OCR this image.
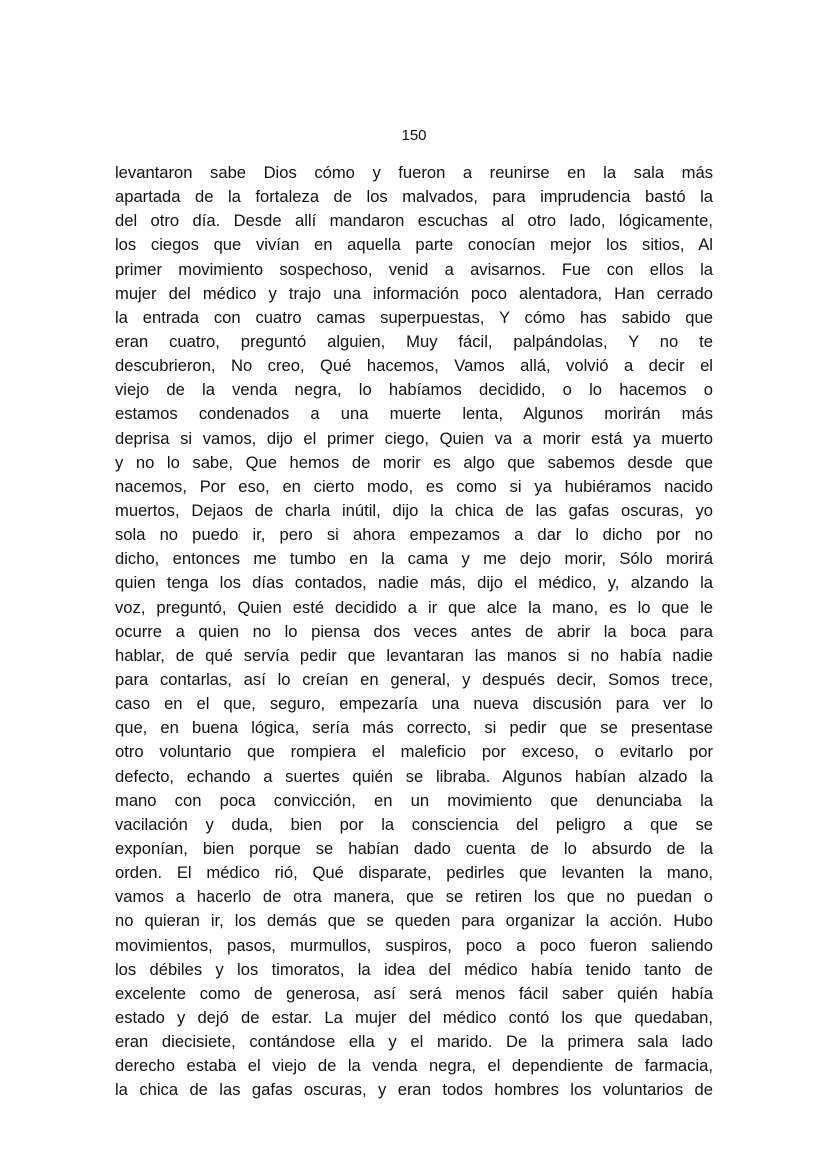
150
levantaron sabe Dios cómo y fueron a reunirse en la sala más
apartada de la fortaleza de los malvados, para imprudencia bastó la
del otro día. Desde allí mandaron escuchas al otro lado, lógicamente,
los ciegos que vivían en aquella parte conocían mejor los sitios, Al
primer movimiento sospechoso, venid a avisarnos. Fue con ellos la
mujer del médico y trajo una información poco alentadora, Han cerrado
la entrada con cuatro camas superpuestas, Y cómo has sabido que
eran cuatro, preguntó alguien, Muy fácil, palpándolas, Y no te
descubrieron, No creo, Qué hacemos, Vamos allá, volvió a decir el
viejo de la venda negra, lo habíamos decidido, o lo hacemos o
estamos condenados a una muerte lenta, Algunos morirán más
deprisa si vamos, dijo el primer ciego, Quien va a morir está ya muerto
y no lo sabe, Que hemos de morir es algo que sabemos desde que
nacemos, Por eso, en cierto modo, es como si ya hubiéramos nacido
muertos, Dejaos de charla inútil, dijo la chica de las gafas oscuras, yo
sola no puedo ir, pero si ahora empezamos a dar lo dicho por no
dicho, entonces me tumbo en la cama y me dejo morir, Sólo morirá
quien tenga los días contados, nadie más, dijo el médico, y, alzando la
voz, preguntó, Quien esté decidido a ir que alce la mano, es lo que le
ocurre a quien no lo piensa dos veces antes de abrir la boca para
hablar, de qué servía pedir que levantaran las manos si no había nadie
para contarlas, así lo creían en general, y después decir, Somos trece,
caso en el que, seguro, empezaría una nueva discusión para ver lo
que, en buena lógica, sería más correcto, si pedir que se presentase
otro voluntario que rompiera el maleficio por exceso, o evitarlo por
defecto, echando a suertes quién se libraba. Algunos habían alzado la
mano con poca convicción, en un movimiento que denunciaba la
vacilación y duda, bien por la consciencia del peligro a que se
exponían, bien porque se habían dado cuenta de lo absurdo de la
orden. El médico rió, Qué disparate, pedirles que levanten la mano,
vamos a hacerlo de otra manera, que se retiren los que no puedan o
no quieran ir, los demás que se queden para organizar la acción. Hubo
movimientos, pasos, murmullos, suspiros, poco a poco fueron saliendo
los débiles y los timoratos, la idea del médico había tenido tanto de
excelente como de generosa, así será menos fácil saber quién había
estado y dejó de estar. La mujer del médico contó los que quedaban,
eran diecisiete, contándose ella y el marido. De la primera sala lado
derecho estaba el viejo de la venda negra, el dependiente de farmacia,
la chica de las gafas oscuras, y eran todos hombres los voluntarios de
